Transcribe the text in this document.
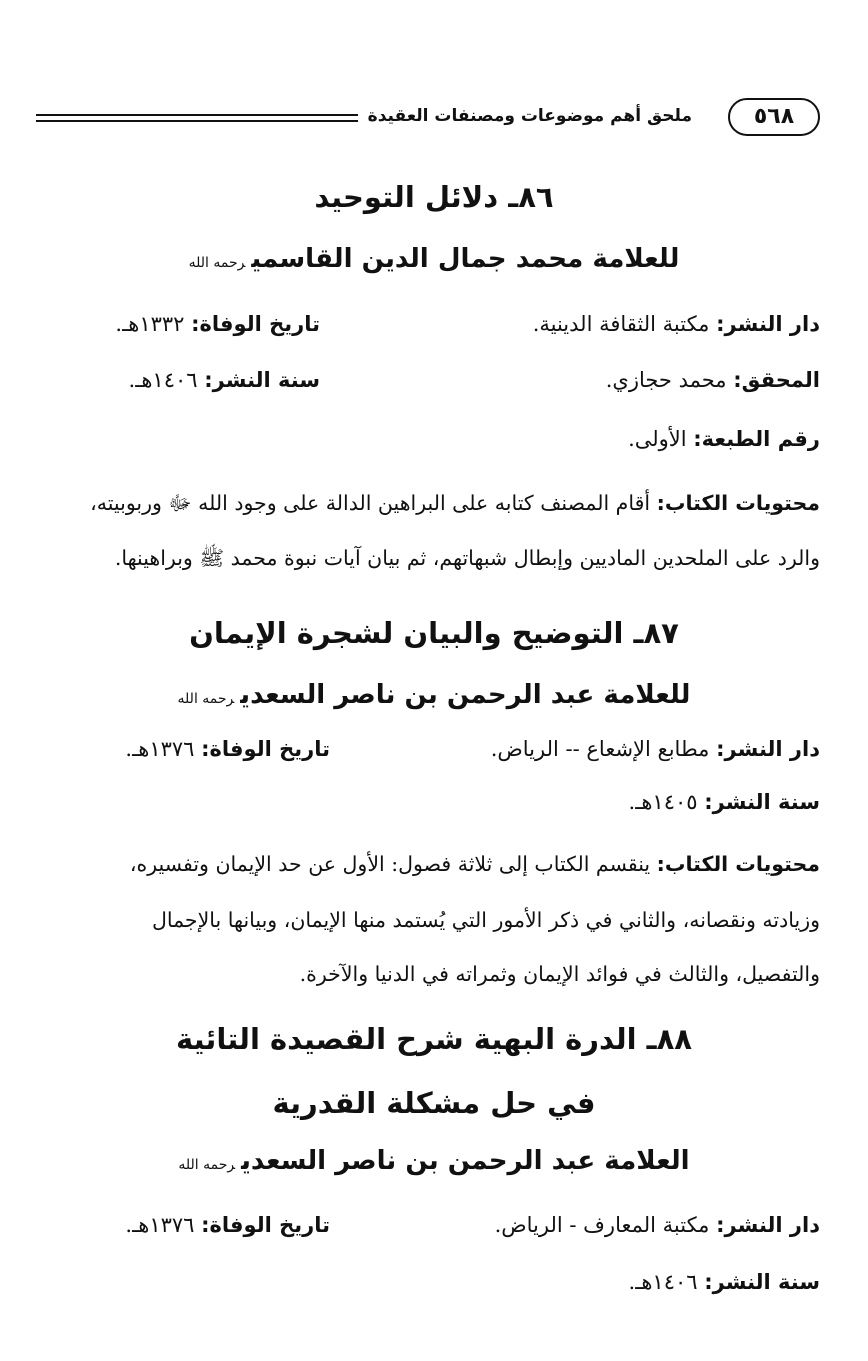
٥٦٨
ملحق أهم موضوعات ومصنفات العقيدة
٨٦ـ دلائل التوحيد
للعلامة محمد جمال الدين القاسميرحمه الله
دار النشر: مكتبة الثقافة الدينية.
تاريخ الوفاة: ١٣٣٢هـ.
المحقق: محمد حجازي.
سنة النشر: ١٤٠٦هـ.
رقم الطبعة: الأولى.
محتويات الكتاب: أقام المصنف كتابه على البراهين الدالة على وجود الله ﷻ وربوبيته،
والرد على الملحدين الماديين وإبطال شبهاتهم، ثم بيان آيات نبوة محمد ﷺ وبراهينها.
٨٧ـ التوضيح والبيان لشجرة الإيمان
للعلامة عبد الرحمن بن ناصر السعديرحمه الله
دار النشر: مطابع الإشعاع -- الرياض.
تاريخ الوفاة: ١٣٧٦هـ.
سنة النشر: ١٤٠٥هـ.
محتويات الكتاب: ينقسم الكتاب إلى ثلاثة فصول: الأول عن حد الإيمان وتفسيره،
وزيادته ونقصانه، والثاني في ذكر الأمور التي يُستمد منها الإيمان، وبيانها بالإجمال
والتفصيل، والثالث في فوائد الإيمان وثمراته في الدنيا والآخرة.
٨٨ـ الدرة البهية شرح القصيدة التائية
في حل مشكلة القدرية
العلامة عبد الرحمن بن ناصر السعديرحمه الله
دار النشر: مكتبة المعارف - الرياض.
تاريخ الوفاة: ١٣٧٦هـ.
سنة النشر: ١٤٠٦هـ.
